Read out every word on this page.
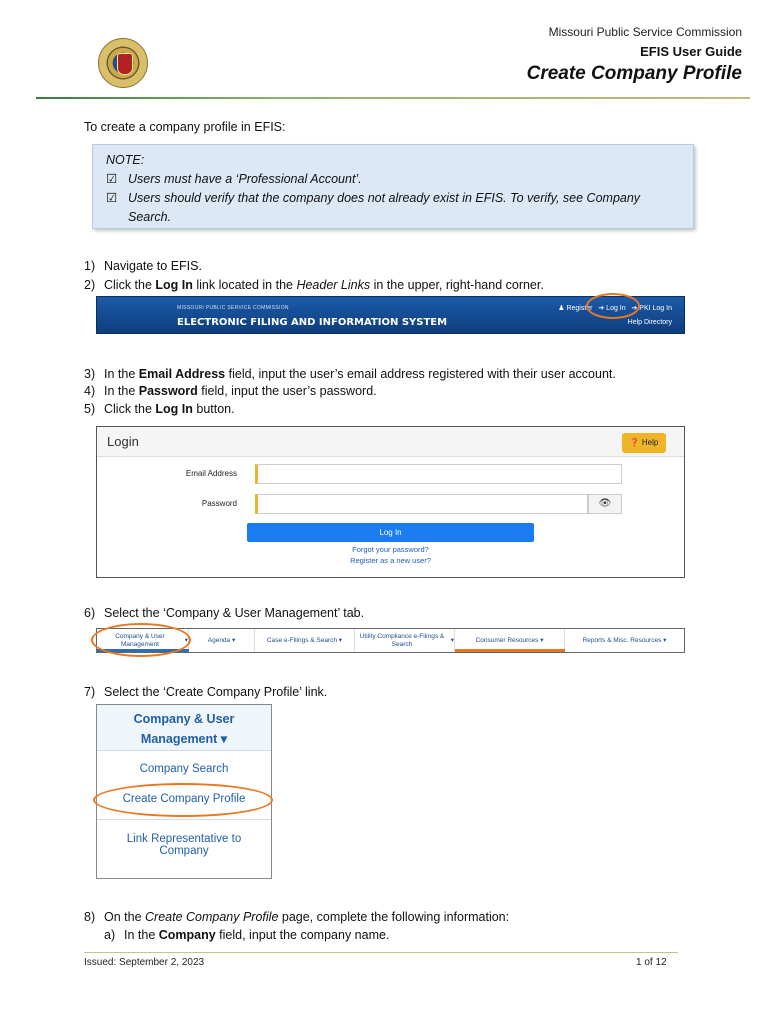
Missouri Public Service Commission
EFIS User Guide
Create Company Profile
To create a company profile in EFIS:
NOTE:
☑ Users must have a ‘Professional Account’.
☑ Users should verify that the company does not already exist in EFIS. To verify, see Company
Search.
1) Navigate to EFIS.
2) Click the Log In link located in the Header Links in the upper, right-hand corner.
MISSOURI PUBLIC SERVICE COMMISSION
ELECTRONIC FILING AND INFORMATION SYSTEM
♟ Register ➔ Log In ➔ PKI Log In
Help Directory
3) In the Email Address field, input the user’s email address registered with their user account.
4) In the Password field, input the user’s password.
5) Click the Log In button.
Login	❓ Help
Email Address
Password	👁
Log In
Forgot your password?
Register as a new user?
6) Select the ‘Company & User Management’ tab.
Company & User Management
▾	Agenda ▾	Case e-Filings & Search ▾
Utility Compliance e-Filings & Search
▾	Consumer Resources ▾	Reports & Misc. Resources ▾
7) Select the ‘Create Company Profile’ link.
Company & User
Management ▾
Company Search
Create Company Profile
Link Representative to
Company
8) On the Create Company Profile page, complete the following information:
a) In the Company field, input the company name.
Issued: September 2, 2023	1 of 12
